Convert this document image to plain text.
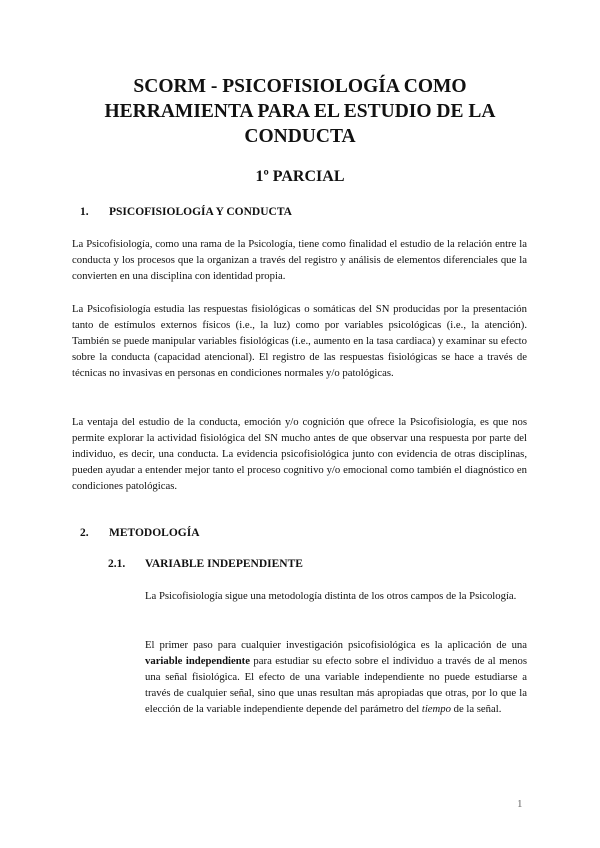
SCORM - PSICOFISIOLOGÍA COMO HERRAMIENTA PARA EL ESTUDIO DE LA CONDUCTA
1º PARCIAL
1. PSICOFISIOLOGÍA Y CONDUCTA

La Psicofisiología, como una rama de la Psicología, tiene como finalidad el estudio de la relación entre la conducta y los procesos que la organizan a través del registro y análisis de elementos diferenciales que la convierten en una disciplina con identidad propia.

La Psicofisiología estudia las respuestas fisiológicas o somáticas del SN producidas por la presentación tanto de estímulos externos físicos (i.e., la luz) como por variables psicológicas (i.e., la atención). También se puede manipular variables fisiológicas (i.e., aumento en la tasa cardiaca) y examinar su efecto sobre la conducta (capacidad atencional). El registro de las respuestas fisiológicas se hace a través de técnicas no invasivas en personas en condiciones normales y/o patológicas.

La ventaja del estudio de la conducta, emoción y/o cognición que ofrece la Psicofisiología, es que nos permite explorar la actividad fisiológica del SN mucho antes de que observar una respuesta por parte del individuo, es decir, una conducta. La evidencia psicofisiológica junto con evidencia de otras disciplinas, pueden ayudar a entender mejor tanto el proceso cognitivo y/o emocional como también el diagnóstico en condiciones patológicas.

2. METODOLOGÍA
2.1. VARIABLE INDEPENDIENTE

La Psicofisiología sigue una metodología distinta de los otros campos de la Psicología.

El primer paso para cualquier investigación psicofisiológica es la aplicación de una variable independiente para estudiar su efecto sobre el individuo a través de al menos una señal fisiológica. El efecto de una variable independiente no puede estudiarse a través de cualquier señal, sino que unas resultan más apropiadas que otras, por lo que la elección de la variable independiente depende del parámetro del tiempo de la señal.

1
